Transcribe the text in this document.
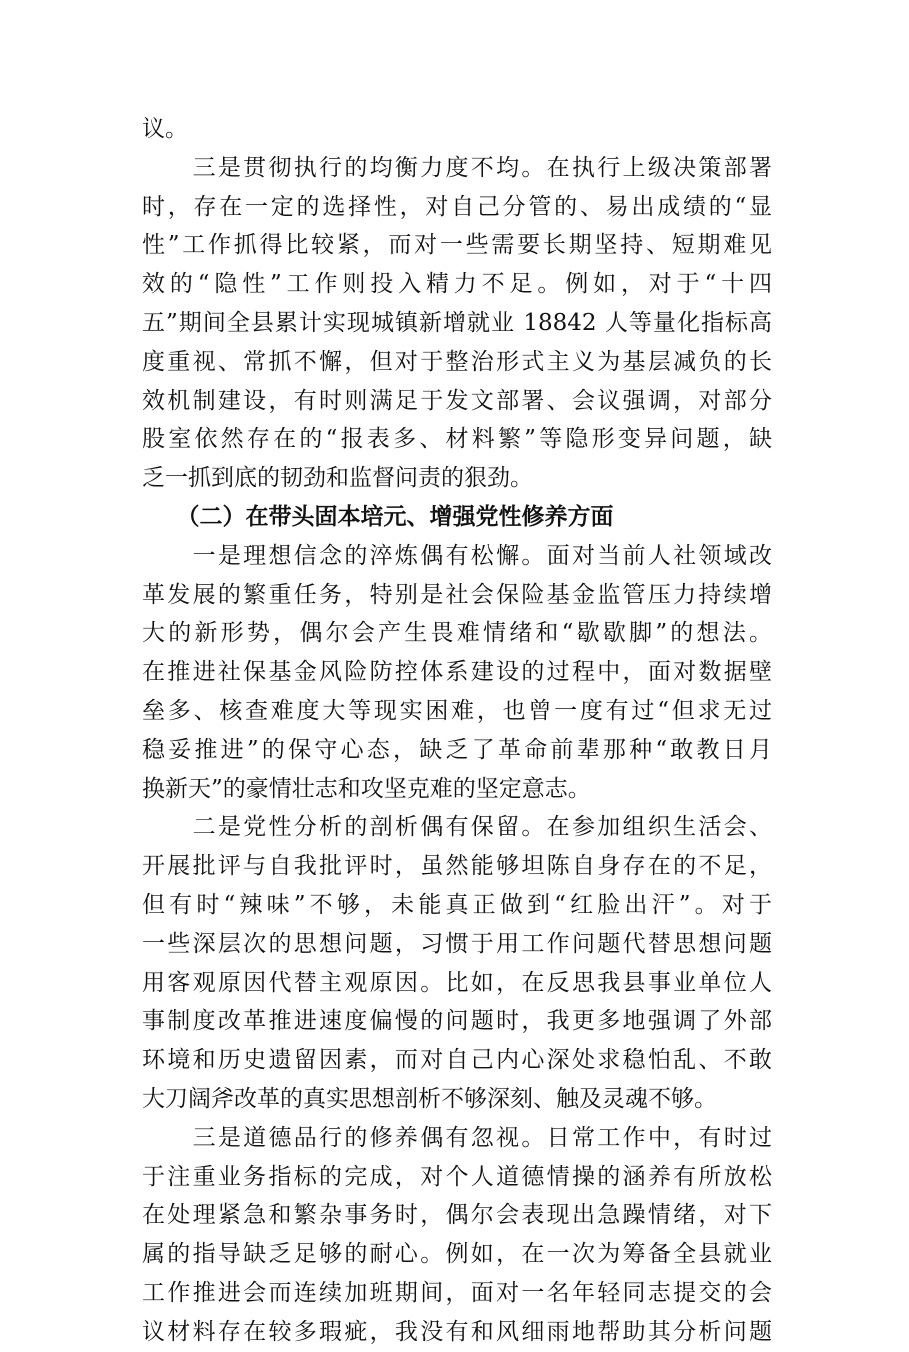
议。
　　三是贯彻执行的均衡力度不均。在执行上级决策部署
时，存在一定的选择性，对自己分管的、易出成绩的“显
性”工作抓得比较紧，而对一些需要长期坚持、短期难见
效的“隐性”工作则投入精力不足。例如，对于“十四
五”期间全县累计实现城镇新增就业 18842 人等量化指标高
度重视、常抓不懈，但对于整治形式主义为基层减负的长
效机制建设，有时则满足于发文部署、会议强调，对部分
股室依然存在的“报表多、材料繁”等隐形变异问题，缺
乏一抓到底的韧劲和监督问责的狠劲。
　　（二）在带头固本培元、增强党性修养方面
　　一是理想信念的淬炼偶有松懈。面对当前人社领域改
革发展的繁重任务，特别是社会保险基金监管压力持续增
大的新形势，偶尔会产生畏难情绪和“歇歇脚”的想法。
在推进社保基金风险防控体系建设的过程中，面对数据壁
垒多、核查难度大等现实困难，也曾一度有过“但求无过
稳妥推进”的保守心态，缺乏了革命前辈那种“敢教日月
换新天”的豪情壮志和攻坚克难的坚定意志。
　　二是党性分析的剖析偶有保留。在参加组织生活会、
开展批评与自我批评时，虽然能够坦陈自身存在的不足，
但有时“辣味”不够，未能真正做到“红脸出汗”。对于
一些深层次的思想问题，习惯于用工作问题代替思想问题
用客观原因代替主观原因。比如，在反思我县事业单位人
事制度改革推进速度偏慢的问题时，我更多地强调了外部
环境和历史遗留因素，而对自己内心深处求稳怕乱、不敢
大刀阔斧改革的真实思想剖析不够深刻、触及灵魂不够。
　　三是道德品行的修养偶有忽视。日常工作中，有时过
于注重业务指标的完成，对个人道德情操的涵养有所放松
在处理紧急和繁杂事务时，偶尔会表现出急躁情绪，对下
属的指导缺乏足够的耐心。例如，在一次为筹备全县就业
工作推进会而连续加班期间，面对一名年轻同志提交的会
议材料存在较多瑕疵，我没有和风细雨地帮助其分析问题
